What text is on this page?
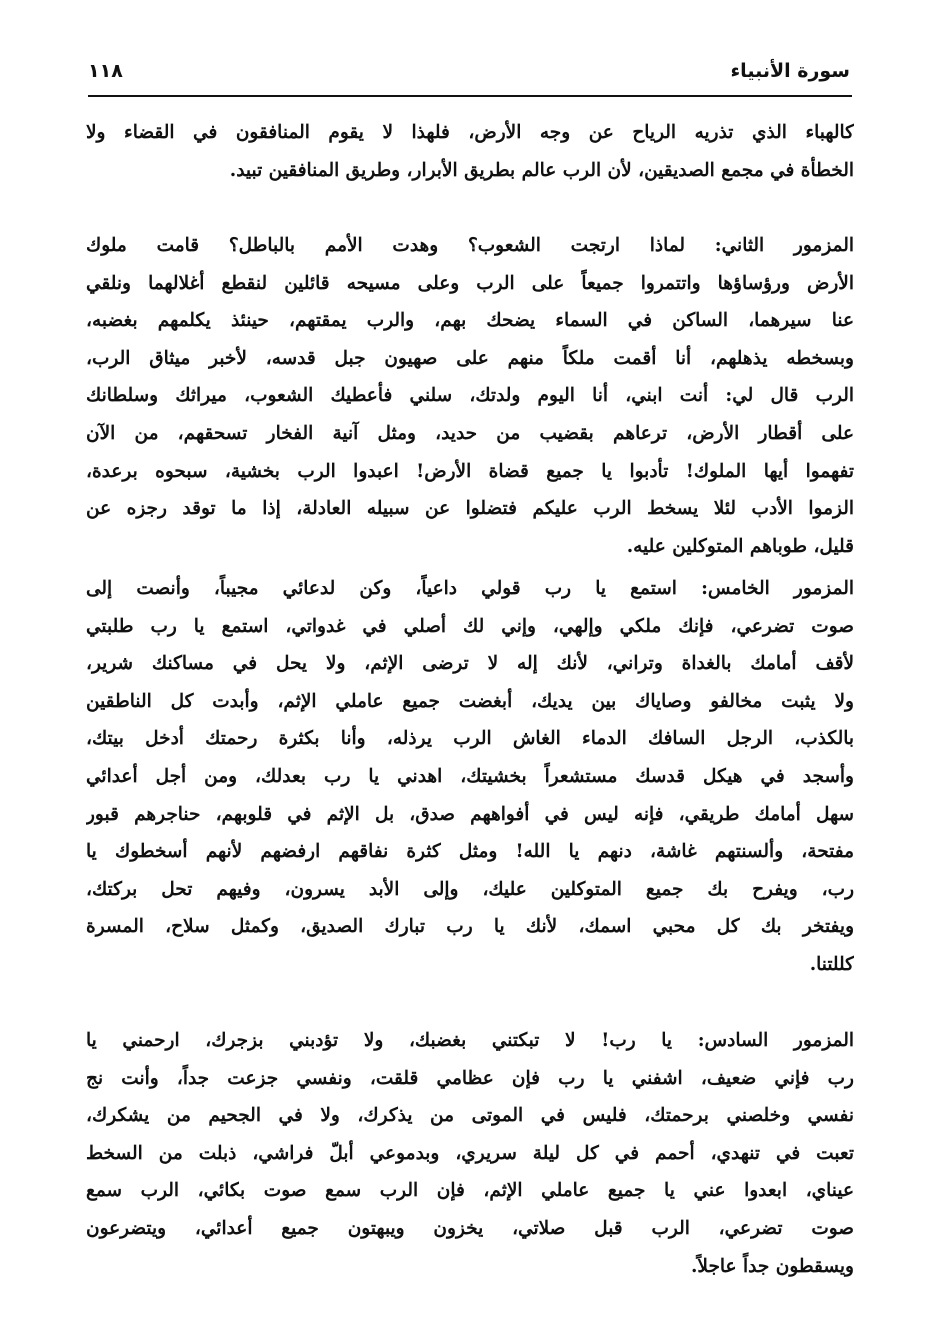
سورة الأنبياء
١١٨
كالهباء الذي تذريه الرياح عن وجه الأرض، فلهذا لا يقوم المنافقون في القضاء ولا
الخطأة في مجمع الصديقين، لأن الرب عالم بطريق الأبرار، وطريق المنافقين تبيد.
المزمور الثاني: لماذا ارتجت الشعوب؟ وهدت الأمم بالباطل؟ قامت ملوك
الأرض ورؤساؤها واتتمروا جميعاً على الرب وعلى مسيحه قائلين لنقطع أغلالهما ونلقي
عنا سيرهما، الساكن في السماء يضحك بهم، والرب يمقتهم، حينئذ يكلمهم بغضبه،
وبسخطه يذهلهم، أنا أقمت ملكاً منهم على صهيون جبل قدسه، لأخبر ميثاق الرب،
الرب قال لي: أنت ابني، أنا اليوم ولدتك، سلني فأعطيك الشعوب، ميراثك وسلطانك
على أقطار الأرض، ترعاهم بقضيب من حديد، ومثل آنية الفخار تسحقهم، من الآن
تفهموا أيها الملوك! تأدبوا يا جميع قضاة الأرض! اعبدوا الرب بخشية، سبحوه برعدة،
الزموا الأدب لئلا يسخط الرب عليكم فتضلوا عن سبيله العادلة، إذا ما توقد رجزه عن
قليل، طوباهم المتوكلين عليه.
المزمور الخامس: استمع يا رب قولي داعياً، وكن لدعائي مجيباً، وأنصت إلى
صوت تضرعي، فإنك ملكي وإلهي، وإني لك أصلي في غدواتي، استمع يا رب طلبتي
لأقف أمامك بالغداة وتراني، لأنك إله لا ترضى الإثم، ولا يحل في مساكنك شرير،
ولا يثبت مخالفو وصاياك بين يديك، أبغضت جميع عاملي الإثم، وأبدت كل الناطقين
بالكذب، الرجل السافك الدماء الغاش الرب يرذله، وأنا بكثرة رحمتك أدخل بيتك،
وأسجد في هيكل قدسك مستشعراً بخشيتك، اهدني يا رب بعدلك، ومن أجل أعدائي
سهل أمامك طريقي، فإنه ليس في أفواههم صدق، بل الإثم في قلوبهم، حناجرهم قبور
مفتحة، وألسنتهم غاشة، دنهم يا الله! ومثل كثرة نفاقهم ارفضهم لأنهم أسخطوك يا
رب، ويفرح بك جميع المتوكلين عليك، وإلى الأبد يسرون، وفيهم تحل بركتك،
ويفتخر بك كل محبي اسمك، لأنك يا رب تبارك الصديق، وكمثل سلاح، المسرة
كللتنا.
المزمور السادس: يا رب! لا تبكتني بغضبك، ولا تؤدبني بزجرك، ارحمني يا
رب فإني ضعيف، اشفني يا رب فإن عظامي قلقت، ونفسي جزعت جداً، وأنت نج
نفسي وخلصني برحمتك، فليس في الموتى من يذكرك، ولا في الجحيم من يشكرك،
تعبت في تنهدي، أحمم في كل ليلة سريري، وبدموعي أبلّ فراشي، ذبلت من السخط
عيناي، ابعدوا عني يا جميع عاملي الإثم، فإن الرب سمع صوت بكائي، الرب سمع
صوت تضرعي، الرب قبل صلاتي، يخزون ويبهتون جميع أعدائي، ويتضرعون
ويسقطون جداً عاجلاً.
